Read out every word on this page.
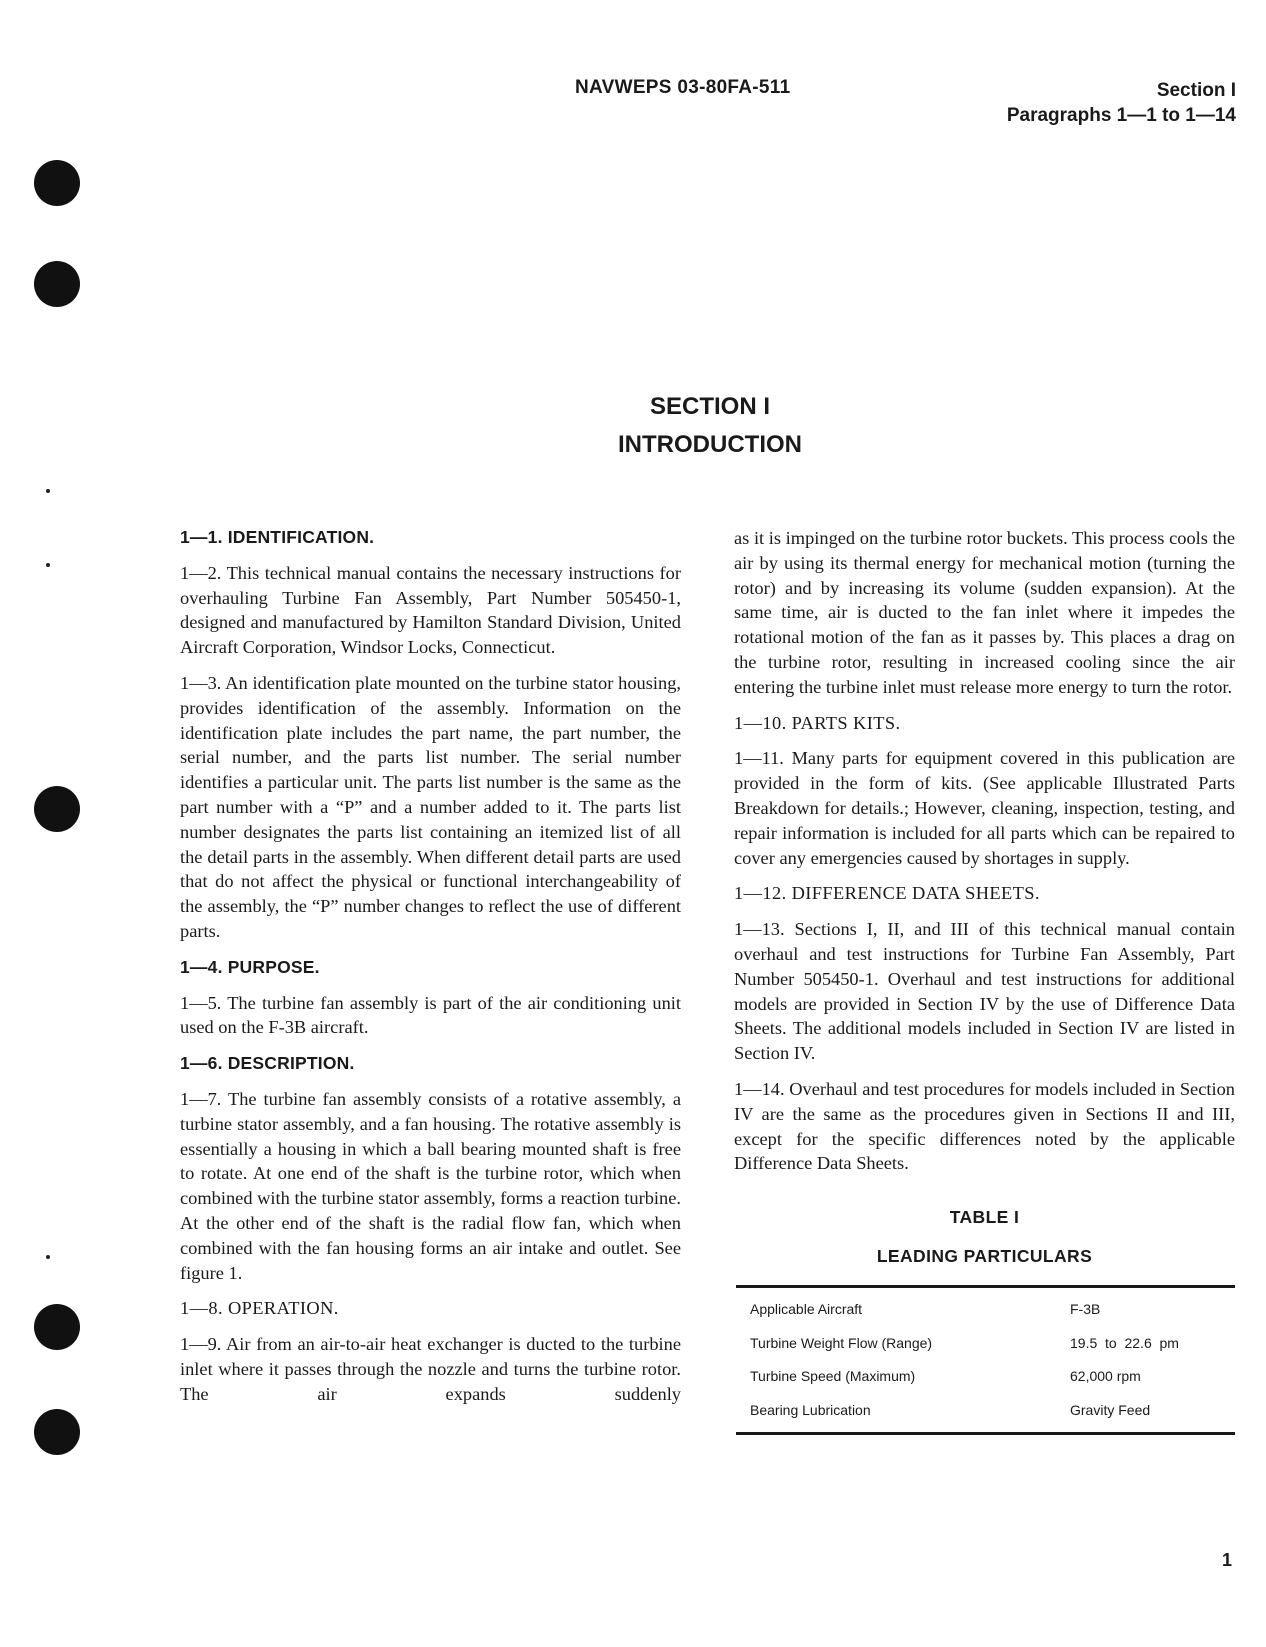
NAVWEPS 03-80FA-511	Section I
Paragraphs 1—1 to 1—14
SECTION I
INTRODUCTION
1—1. IDENTIFICATION.

1—2. This technical manual contains the necessary instructions for overhauling Turbine Fan Assembly, Part Number 505450-1, designed and manufactured by Hamilton Standard Division, United Aircraft Corporation, Windsor Locks, Connecticut.

1—3. An identification plate mounted on the turbine stator housing, provides identification of the assembly. Information on the identification plate includes the part name, the part number, the serial number, and the parts list number. The serial number identifies a particular unit. The parts list number is the same as the part number with a “P” and a number added to it. The parts list number designates the parts list containing an itemized list of all the detail parts in the assembly. When different detail parts are used that do not affect the physical or functional interchangeability of the assembly, the “P” number changes to reflect the use of different parts.

1—4. PURPOSE.

1—5. The turbine fan assembly is part of the air conditioning unit used on the F-3B aircraft.

1—6. DESCRIPTION.

1—7. The turbine fan assembly consists of a rotative assembly, a turbine stator assembly, and a fan housing. The rotative assembly is essentially a housing in which a ball bearing mounted shaft is free to rotate. At one end of the shaft is the turbine rotor, which when combined with the turbine stator assembly, forms a reaction turbine. At the other end of the shaft is the radial flow fan, which when combined with the fan housing forms an air intake and outlet. See figure 1.

1—8. OPERATION.

1—9. Air from an air-to-air heat exchanger is ducted to the turbine inlet where it passes through the nozzle and turns the turbine rotor. The air expands suddenly

as it is impinged on the turbine rotor buckets. This process cools the air by using its thermal energy for mechanical motion (turning the rotor) and by increasing its volume (sudden expansion). At the same time, air is ducted to the fan inlet where it impedes the rotational motion of the fan as it passes by. This places a drag on the turbine rotor, resulting in increased cooling since the air entering the turbine inlet must release more energy to turn the rotor.

1—10. PARTS KITS.

1—11. Many parts for equipment covered in this publication are provided in the form of kits. (See applicable Illustrated Parts Breakdown for details.; However, cleaning, inspection, testing, and repair information is included for all parts which can be repaired to cover any emergencies caused by shortages in supply.

1—12. DIFFERENCE DATA SHEETS.

1—13. Sections I, II, and III of this technical manual contain overhaul and test instructions for Turbine Fan Assembly, Part Number 505450-1. Overhaul and test instructions for additional models are provided in Section IV by the use of Difference Data Sheets. The additional models included in Section IV are listed in Section IV.

1—14. Overhaul and test procedures for models included in Section IV are the same as the procedures given in Sections II and III, except for the specific differences noted by the applicable Difference Data Sheets.

TABLE I
LEADING PARTICULARS
Applicable Aircraft	F-3B
Turbine Weight Flow (Range)	19.5  to  22.6  pm
Turbine Speed (Maximum)	62,000 rpm
Bearing Lubrication	Gravity Feed
1
